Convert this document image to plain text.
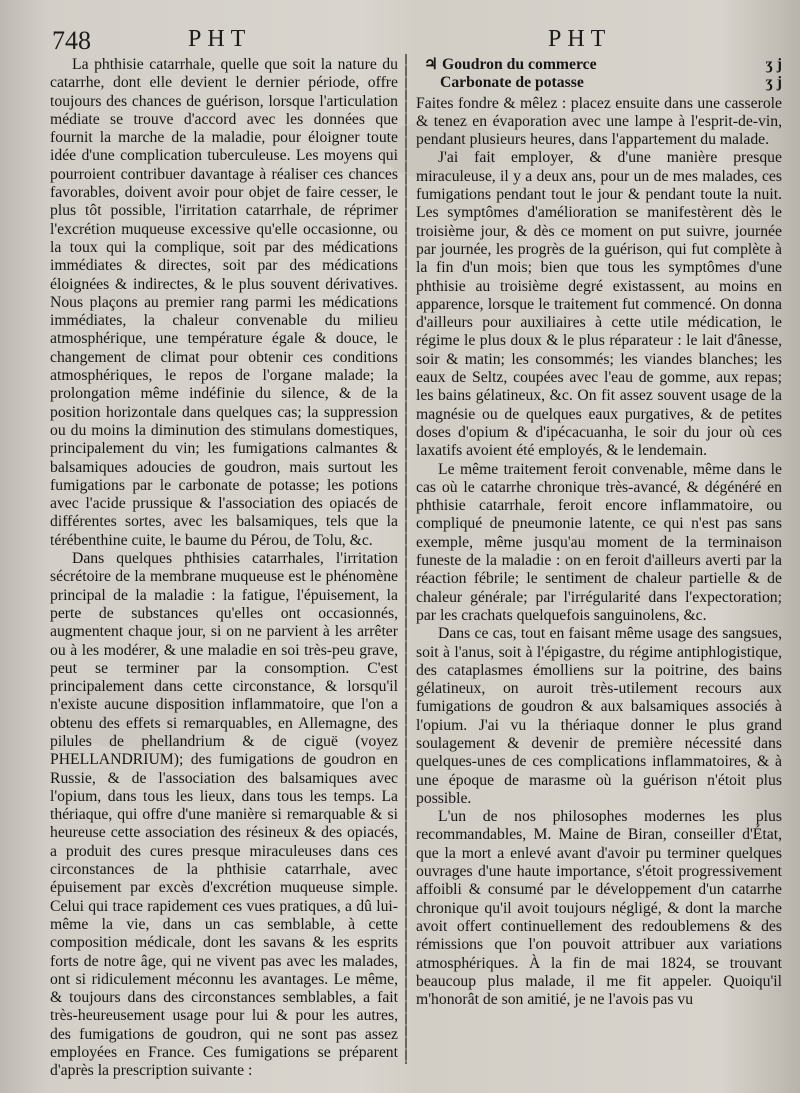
748	PHT	PHT

La phthisie catarrhale, quelle que soit la nature du catarrhe, dont elle devient le dernier période, offre toujours des chances de guérison, lorsque l'articulation médiate se trouve d'accord avec les données que fournit la marche de la maladie, pour éloigner toute idée d'une complication tuberculeuse. Les moyens qui pourroient contribuer davantage à réaliser ces chances favorables, doivent avoir pour objet de faire cesser, le plus tôt possible, l'irritation catarrhale, de réprimer l'excrétion muqueuse excessive qu'elle occasionne, ou la toux qui la complique, soit par des médications immédiates & directes, soit par des médications éloignées & indirectes, & le plus souvent dérivatives. Nous plaçons au premier rang parmi les médications immédiates, la chaleur convenable du milieu atmosphérique, une température égale & douce, le changement de climat pour obtenir ces conditions atmosphériques, le repos de l'organe malade; la prolongation même indéfinie du silence, & de la position horizontale dans quelques cas; la suppression ou du moins la diminution des stimulans domestiques, principalement du vin; les fumigations calmantes & balsamiques adoucies de goudron, mais surtout les fumigations par le carbonate de potasse; les potions avec l'acide prussique & l'association des opiacés de différentes sortes, avec les balsamiques, tels que la térébenthine cuite, le baume du Pérou, de Tolu, &c.

Dans quelques phthisies catarrhales, l'irritation sécrétoire de la membrane muqueuse est le phénomène principal de la maladie : la fatigue, l'épuisement, la perte de substances qu'elles ont occasionnés, augmentent chaque jour, si on ne parvient à les arrêter ou à les modérer, & une maladie en soi très-peu grave, peut se terminer par la consomption. C'est principalement dans cette circonstance, & lorsqu'il n'existe aucune disposition inflammatoire, que l'on a obtenu des effets si remarquables, en Allemagne, des pilules de phellandrium & de ciguë (voyez PHELLANDRIUM); des fumigations de goudron en Russie, & de l'association des balsamiques avec l'opium, dans tous les lieux, dans tous les temps. La thériaque, qui offre d'une manière si remarquable & si heureuse cette association des résineux & des opiacés, a produit des cures presque miraculeuses dans ces circonstances de la phthisie catarrhale, avec épuisement par excès d'excrétion muqueuse simple. Celui qui trace rapidement ces vues pratiques, a dû lui-même la vie, dans un cas semblable, à cette composition médicale, dont les savans & les esprits forts de notre âge, qui ne vivent pas avec les malades, ont si ridiculement méconnu les avantages. Le même, & toujours dans des circonstances semblables, a fait très-heureusement usage pour lui & pour les autres, des fumigations de goudron, qui ne sont pas assez employées en France. Ces fumigations se préparent d'après la prescription suivante :

♃ Goudron du commerce	ʒ j
Carbonate de potasse	ʒ j

Faites fondre & mêlez : placez ensuite dans une casserole & tenez en évaporation avec une lampe à l'esprit-de-vin, pendant plusieurs heures, dans l'appartement du malade.

J'ai fait employer, & d'une manière presque miraculeuse, il y a deux ans, pour un de mes malades, ces fumigations pendant tout le jour & pendant toute la nuit. Les symptômes d'amélioration se manifestèrent dès le troisième jour, & dès ce moment on put suivre, journée par journée, les progrès de la guérison, qui fut complète à la fin d'un mois; bien que tous les symptômes d'une phthisie au troisième degré existassent, au moins en apparence, lorsque le traitement fut commencé. On donna d'ailleurs pour auxiliaires à cette utile médication, le régime le plus doux & le plus réparateur : le lait d'ânesse, soir & matin; les consommés; les viandes blanches; les eaux de Seltz, coupées avec l'eau de gomme, aux repas; les bains gélatineux, &c. On fit assez souvent usage de la magnésie ou de quelques eaux purgatives, & de petites doses d'opium & d'ipécacuanha, le soir du jour où ces laxatifs avoient été employés, & le lendemain.

Le même traitement feroit convenable, même dans le cas où le catarrhe chronique très-avancé, & dégénéré en phthisie catarrhale, feroit encore inflammatoire, ou compliqué de pneumonie latente, ce qui n'est pas sans exemple, même jusqu'au moment de la terminaison funeste de la maladie : on en feroit d'ailleurs averti par la réaction fébrile; le sentiment de chaleur partielle & de chaleur générale; par l'irrégularité dans l'expectoration; par les crachats quelquefois sanguinolens, &c.

Dans ce cas, tout en faisant même usage des sangsues, soit à l'anus, soit à l'épigastre, du régime antiphlogistique, des cataplasmes émolliens sur la poitrine, des bains gélatineux, on auroit très-utilement recours aux fumigations de goudron & aux balsamiques associés à l'opium. J'ai vu la thériaque donner le plus grand soulagement & devenir de première nécessité dans quelques-unes de ces complications inflammatoires, & à une époque de marasme où la guérison n'étoit plus possible.

L'un de nos philosophes modernes les plus recommandables, M. Maine de Biran, conseiller d'État, que la mort a enlevé avant d'avoir pu terminer quelques ouvrages d'une haute importance, s'étoit progressivement affoibli & consumé par le développement d'un catarrhe chronique qu'il avoit toujours négligé, & dont la marche avoit offert continuellement des redoublemens & des rémissions que l'on pouvoit attribuer aux variations atmosphériques. À la fin de mai 1824, se trouvant beaucoup plus malade, il me fit appeler. Quoiqu'il m'honorât de son amitié, je ne l'avois pas vu
